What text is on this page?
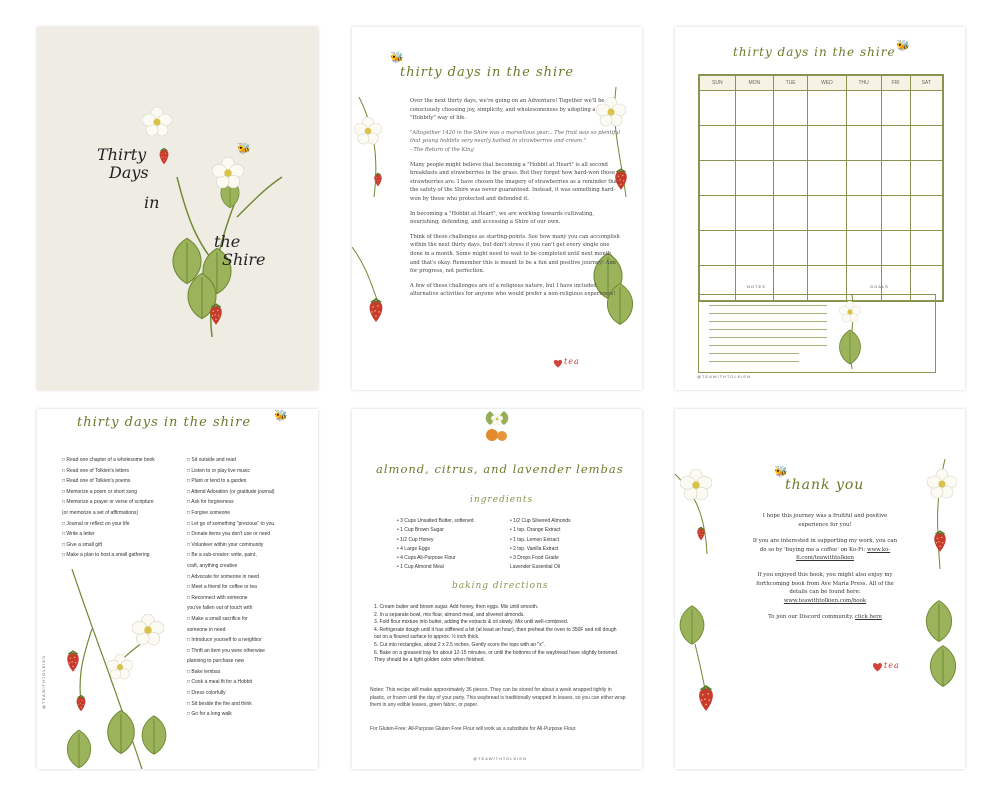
🐝
Thirty
Days
in
the
Shire
🐝
thirty days in the shire

Over the next thirty days, we're going on an Adventure! Together we'll be consciously choosing joy, simplicity, and wholesomeness by adopting a "Hobbity" way of life.

"Altogether 1420 in the Shire was a marvellous year... The fruit was so plentiful that young hobbits very nearly bathed in strawberries and cream."
- The Return of the King

Many people might believe that becoming a "Hobbit at Heart" is all second breakfasts and strawberries in the grass. But they forget how hard-won those strawberries are. I have chosen the imagery of strawberries as a reminder that the safety of the Shire was never guaranteed. Instead, it was something hard-won by those who protected and defended it.

In becoming a "Hobbit at Heart", we are working towards cultivating, nourishing, defending, and accessing a Shire of our own.

Think of these challenges as starting-points. See how many you can accomplish within the next thirty days, but don't stress if you can't get every single one done in a month. Some might need to wait to be completed until next month, and that's okay. Remember this is meant to be a fun and positive journey! Aim for progress, not perfection.

A few of these challenges are of a religious nature, but I have included alternative activities for anyone who would prefer a non-religious experience!

tea
thirty days in the shire 🐝
SUN	MON	TUE	WED	THU	FRI	SAT

NOTES	GOALS
@TEAWITHTOLKIEN
thirty days in the shire 🐝
□ Read one chapter of a wholesome book
□ Read one of Tolkien's letters
□ Read one of Tolkien's poems
□ Memorize a poem or short song
□ Memorize a prayer or verse of scripture
(or memorize a set of affirmations)
□ Journal or reflect on your life
□ Write a letter
□ Give a small gift
□ Make a plan to host a small gathering
□ Sit outside and read
□ Listen to or play live music
□ Plant or tend to a garden
□ Attend Adoration (or gratitude journal)
□ Ask for forgiveness
□ Forgive someone
□ Let go of something "precious" to you
□ Donate items you don't use or need
□ Volunteer within your community
□ Be a sub-creator: write, paint,
craft, anything creative
□ Advocate for someone in need
□ Meet a friend for coffee or tea
□ Reconnect with someone
you've fallen out of touch with
□ Make a small sacrifice for
someone in need
□ Introduce yourself to a neighbor
□ Thrift an item you were otherwise
planning to purchase new
□ Bake lembas
□ Cook a meal fit for a Hobbit
□ Dress colorfully
□ Sit beside the fire and think
□ Go for a long walk
@TEAWITHTOLKIEN
almond, citrus, and lavender lembas
ingredients
• 3 Cups Unsalted Butter, softened
• 1 Cup Brown Sugar
• 1/2 Cup Honey
• 4 Large Eggs
• 4 Cups All-Purpose Flour
• 1 Cup Almond Meal
• 1/2 Cup Slivered Almonds
• 1 tsp. Orange Extract
• 1 tsp. Lemon Extract
• 2 tsp. Vanilla Extract
• 3 Drops Food Grade
Lavender Essential Oil
baking directions
1. Cream butter and brown sugar. Add honey, then eggs. Mix until smooth.
2. In a separate bowl, mix flour, almond meal, and slivered almonds.
3. Fold flour mixture into butter, adding the extracts & oil slowly. Mix until well-combined.
4. Refrigerate dough until it has stiffened a bit (at least an hour), then preheat the oven to 350F and roll dough out on a floured surface to approx. ½ inch thick.
5. Cut into rectangles, about 2 x 2.5 inches. Gently score the tops with an "x".
6. Bake on a greased tray for about 12-15 minutes, or until the bottoms of the waybread have slightly browned. They should be a light golden color when finished.
Notes: This recipe will make approximately 36 pieces. They can be stored for about a week wrapped tightly in plastic, or frozen until the day of your party. This waybread is traditionally wrapped in leaves, so you can either wrap them in any edible leaves, green fabric, or paper.
For Gluten-Free: All-Purpose Gluten Free Flour will work as a substitute for All-Purpose Flour.
@TEAWITHTOLKIEN
🐝
thank you

I hope this journey was a fruitful and positive experience for you!

If you are interested in supporting my work, you can do so by 'buying me a coffee' on Ko-Fi: www.ko-fi.com/teawithtolkien

If you enjoyed this book, you might also enjoy my forthcoming book from Ave Maria Press. All of the details can be found here: www.teawithtolkien.com/book

To join our Discord community, click here

tea
